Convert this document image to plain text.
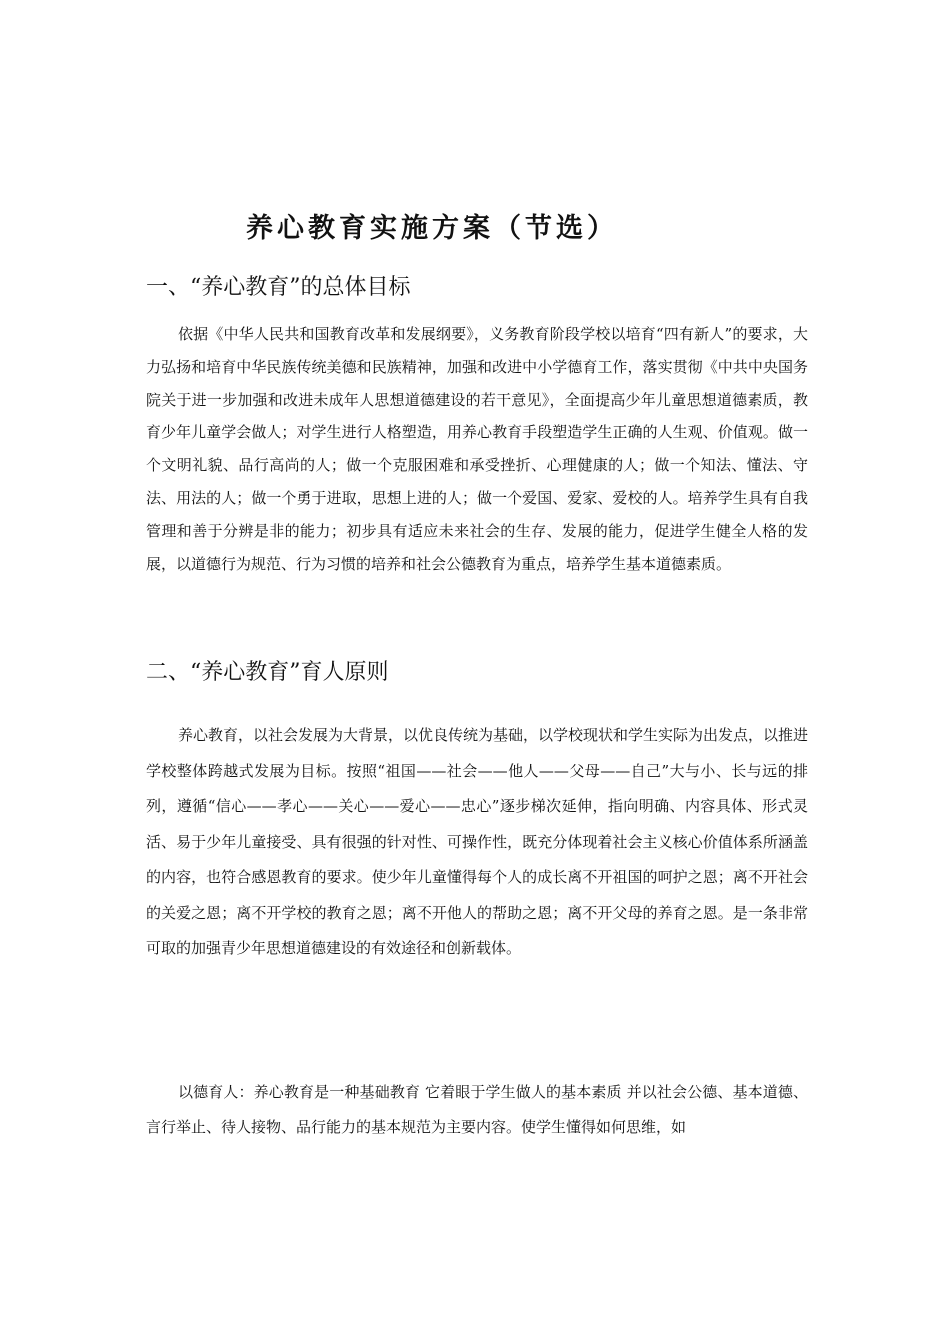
养心教育实施方案（节选）
一、“养心教育”的总体目标

依据《中华人民共和国教育改革和发展纲要》，义务教育阶段学校以培育“四有新人”的要求，大力弘扬和培育中华民族传统美德和民族精神，加强和改进中小学德育工作，落实贯彻《中共中央国务院关于进一步加强和改进未成年人思想道德建设的若干意见》，全面提高少年儿童思想道德素质，教育少年儿童学会做人；对学生进行人格塑造，用养心教育手段塑造学生正确的人生观、价值观。做一个文明礼貌、品行高尚的人；做一个克服困难和承受挫折、心理健康的人；做一个知法、懂法、守法、用法的人；做一个勇于进取，思想上进的人；做一个爱国、爱家、爱校的人。培养学生具有自我管理和善于分辨是非的能力；初步具有适应未来社会的生存、发展的能力，促进学生健全人格的发展，以道德行为规范、行为习惯的培养和社会公德教育为重点，培养学生基本道德素质。

二、“养心教育”育人原则

养心教育，以社会发展为大背景，以优良传统为基础，以学校现状和学生实际为出发点，以推进学校整体跨越式发展为目标。按照“祖国——社会——他人——父母——自己”大与小、长与远的排列，遵循“信心——孝心——关心——爱心——忠心”逐步梯次延伸，指向明确、内容具体、形式灵活、易于少年儿童接受、具有很强的针对性、可操作性，既充分体现着社会主义核心价值体系所涵盖的内容，也符合感恩教育的要求。使少年儿童懂得每个人的成长离不开祖国的呵护之恩；离不开社会的关爱之恩；离不开学校的教育之恩；离不开他人的帮助之恩；离不开父母的养育之恩。是一条非常可取的加强青少年思想道德建设的有效途径和创新载体。

以德育人：养心教育是一种基础教育 它着眼于学生做人的基本素质 并以社会公德、基本道德、言行举止、待人接物、品行能力的基本规范为主要内容。使学生懂得如何思维，如
